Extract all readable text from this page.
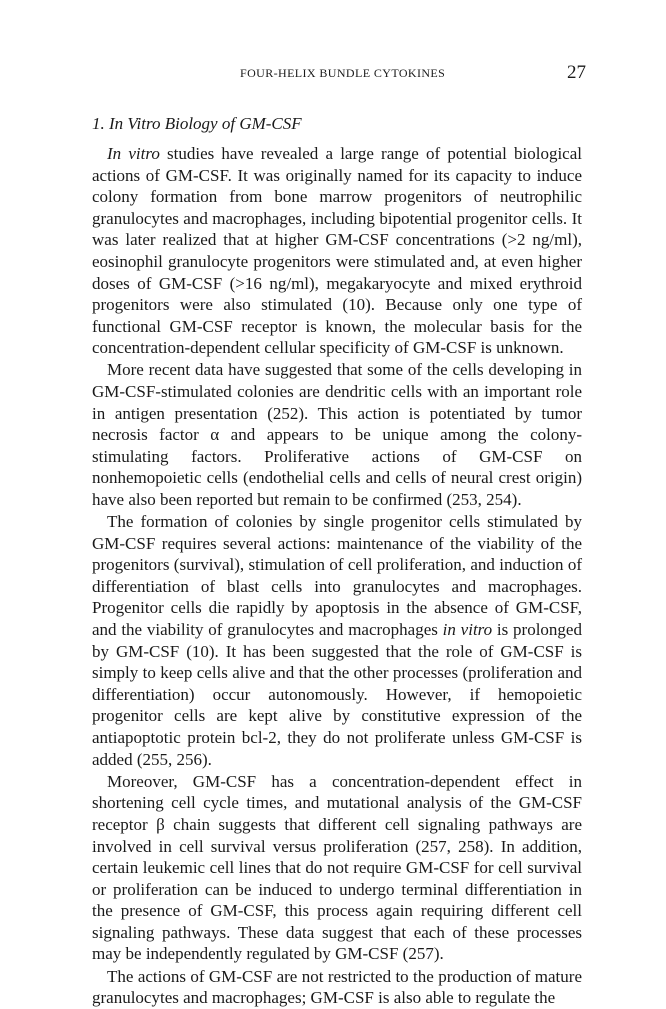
FOUR-HELIX BUNDLE CYTOKINES	27
1. In Vitro Biology of GM-CSF

In vitro studies have revealed a large range of potential biological actions of GM-CSF. It was originally named for its capacity to induce colony formation from bone marrow progenitors of neutrophilic granulocytes and macrophages, including bipotential progenitor cells. It was later realized that at higher GM-CSF concentrations (>2 ng/ml), eosinophil granulocyte progenitors were stimulated and, at even higher doses of GM-CSF (>16 ng/ml), megakaryocyte and mixed erythroid progenitors were also stimulated (10). Because only one type of functional GM-CSF receptor is known, the molecular basis for the concentration-dependent cellular specificity of GM-CSF is unknown.

More recent data have suggested that some of the cells developing in GM-CSF-stimulated colonies are dendritic cells with an important role in antigen presentation (252). This action is potentiated by tumor necrosis factor α and appears to be unique among the colony-stimulating factors. Proliferative actions of GM-CSF on nonhemopoietic cells (endothelial cells and cells of neural crest origin) have also been reported but remain to be confirmed (253, 254).

The formation of colonies by single progenitor cells stimulated by GM-CSF requires several actions: maintenance of the viability of the progenitors (survival), stimulation of cell proliferation, and induction of differentiation of blast cells into granulocytes and macrophages. Progenitor cells die rapidly by apoptosis in the absence of GM-CSF, and the viability of granulocytes and macrophages in vitro is prolonged by GM-CSF (10). It has been suggested that the role of GM-CSF is simply to keep cells alive and that the other processes (proliferation and differentiation) occur autonomously. However, if hemopoietic progenitor cells are kept alive by constitutive expression of the antiapoptotic protein bcl-2, they do not proliferate unless GM-CSF is added (255, 256).

Moreover, GM-CSF has a concentration-dependent effect in shortening cell cycle times, and mutational analysis of the GM-CSF receptor β chain suggests that different cell signaling pathways are involved in cell survival versus proliferation (257, 258). In addition, certain leukemic cell lines that do not require GM-CSF for cell survival or proliferation can be induced to undergo terminal differentiation in the presence of GM-CSF, this process again requiring different cell signaling pathways. These data suggest that each of these processes may be independently regulated by GM-CSF (257).

The actions of GM-CSF are not restricted to the production of mature granulocytes and macrophages; GM-CSF is also able to regulate the
